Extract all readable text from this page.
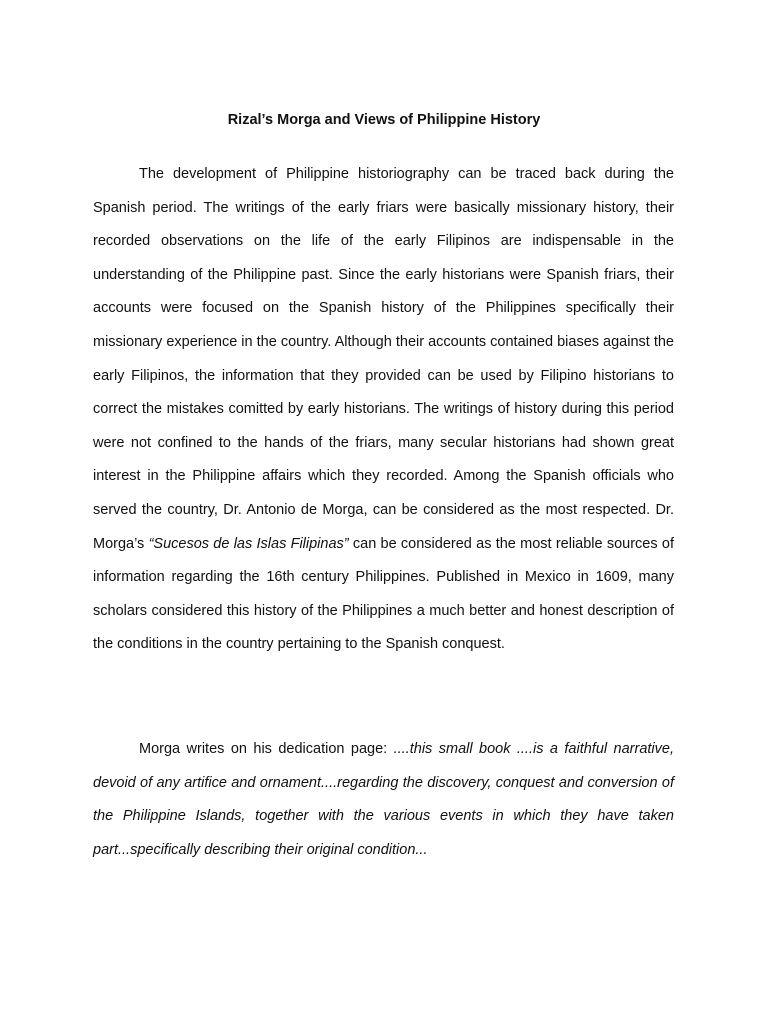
Rizal’s Morga and Views of Philippine History

The development of Philippine historiography can be traced back during the Spanish period. The writings of the early friars were basically missionary history, their recorded observations on the life of the early Filipinos are indispensable in the understanding of the Philippine past. Since the early historians were Spanish friars, their accounts were focused on the Spanish history of the Philippines specifically their missionary experience in the country. Although their accounts contained biases against the early Filipinos, the information that they provided can be used by Filipino historians to correct the mistakes comitted by early historians. The writings of history during this period were not confined to the hands of the friars, many secular historians had shown great interest in the Philippine affairs which they recorded. Among the Spanish officials who served the country, Dr. Antonio de Morga, can be considered as the most respected. Dr. Morga’s “Sucesos de las Islas Filipinas” can be considered as the most reliable sources of information regarding the 16th century Philippines. Published in Mexico in 1609, many scholars considered this history of the Philippines a much better and honest description of the conditions in the country pertaining to the Spanish conquest.

Morga writes on his dedication page: ....this small book ....is a faithful narrative, devoid of any artifice and ornament....regarding the discovery, conquest and conversion of the Philippine Islands, together with the various events in which they have taken part...specifically describing their original condition...
